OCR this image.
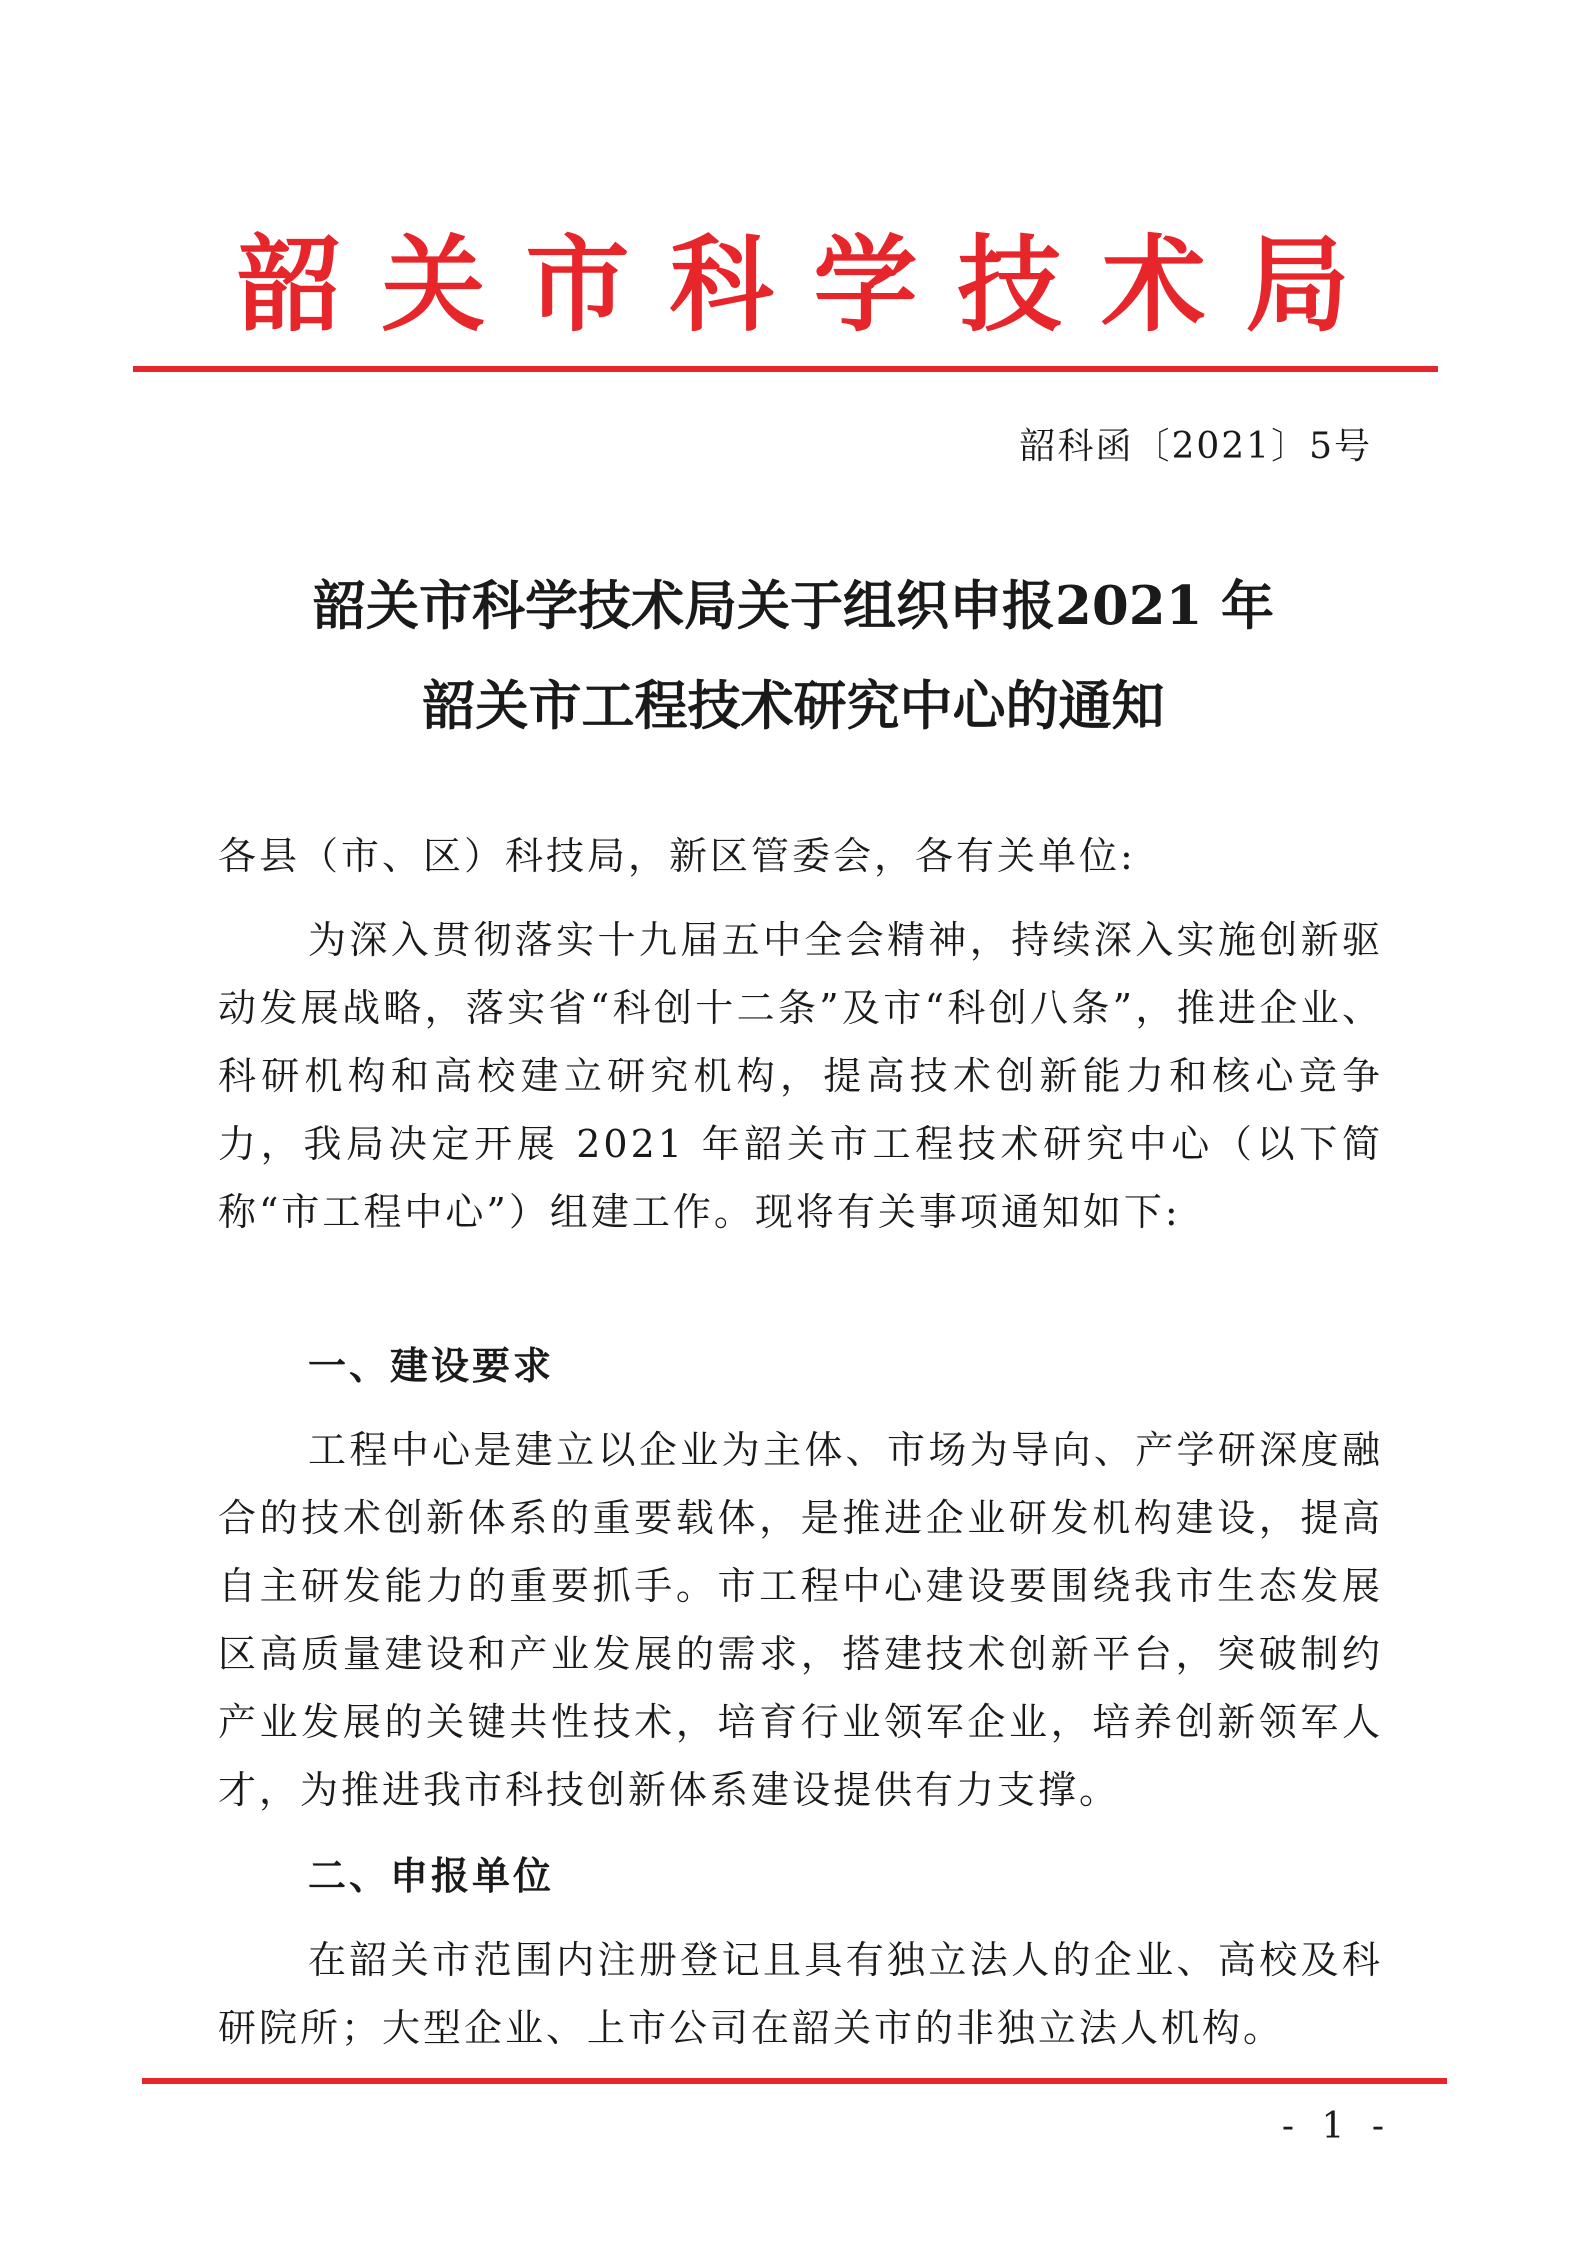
韶关市科学技术局
韶科函〔2021〕5号
韶关市科学技术局关于组织申报2021 年
韶关市工程技术研究中心的通知
各县（市、区）科技局，新区管委会，各有关单位:
为深入贯彻落实十九届五中全会精神，持续深入实施创新驱动发展战略，落实省“科创十二条”及市“科创八条”，推进企业、科研机构和高校建立研究机构，提高技术创新能力和核心竞争力，我局决定开展 2021 年韶关市工程技术研究中心（以下简称“市工程中心”）组建工作。现将有关事项通知如下:
一、建设要求
工程中心是建立以企业为主体、市场为导向、产学研深度融合的技术创新体系的重要载体，是推进企业研发机构建设，提高自主研发能力的重要抓手。市工程中心建设要围绕我市生态发展区高质量建设和产业发展的需求，搭建技术创新平台，突破制约产业发展的关键共性技术，培育行业领军企业，培养创新领军人才，为推进我市科技创新体系建设提供有力支撑。
二、申报单位
在韶关市范围内注册登记且具有独立法人的企业、高校及科研院所；大型企业、上市公司在韶关市的非独立法人机构。
- 1 -
